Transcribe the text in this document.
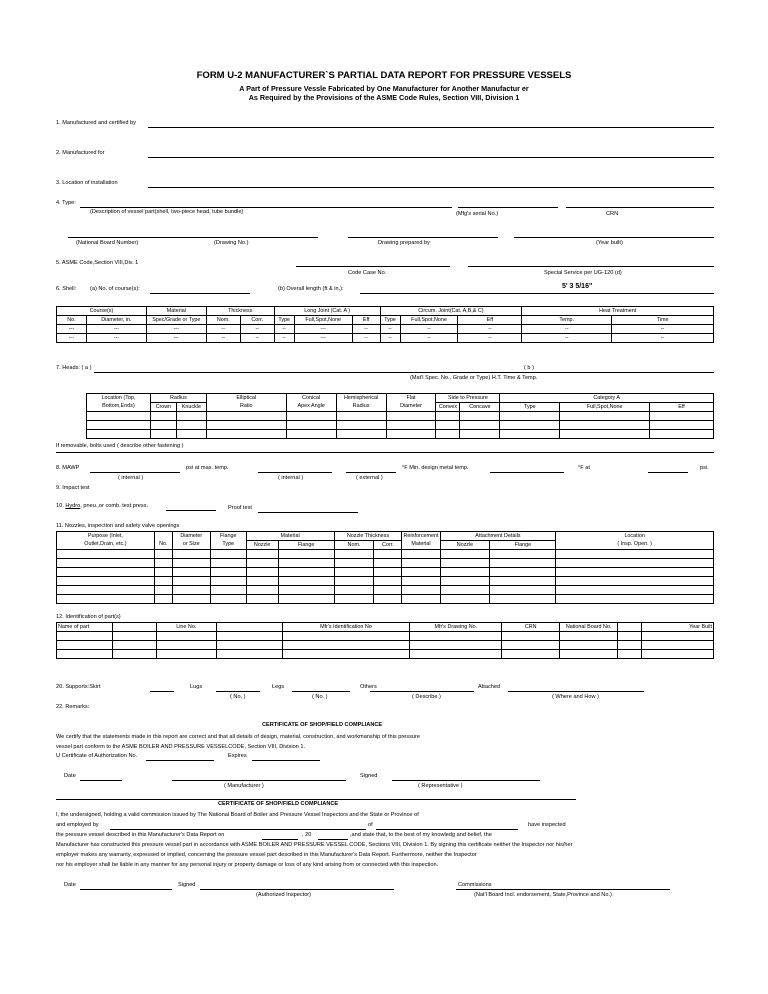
FORM U-2 MANUFACTURER`S PARTIAL DATA REPORT FOR PRESSURE VESSELS
A Part of Pressure Vessle Fabricated by One Manufacturer for Another Manufactur er
As Required by the Provisions of the ASME Code Rules, Section VIII, Division 1
1. Manufactured and certified by
2. Manufactured for
3. Location of installation
4. Type:
(Description of vessel part(shell, two-piece head, tube bundle)	(Mfg's serial No.)	CRN
(National Board Number)	(Drawing No.)	Drawing prepared by	(Year built)
5. ASME Code,Section VIII,Div. 1
Code Case No.	Special Service per UG-120 (d)
6. Shell: (a) No. of course(s):	(b) Overall length (ft & in.):	5' 3 5/16"
Course(s)		Material	Thickness		Long Joint (Cat. A )			Circum. Joint(Cat. A,B,& C)			Heat Treatment	
No.	Diameter, in.	Spec/Grade or Type	Nom.	Corr.	Type	Full,Spot,None	Eff	Type	Full,Spot,None	Eff	Temp.	Time
---	---	---	--	--	--	---	--	--	--	--	--	--
---	---	---	--	--	--	---	--	--	--	--	--	--
7. Heads: ( a )	( b )
(Mat'l Spec. No., Grade or Type) H.T. Time & Temp.
Location (Top,	Radius		Elliptical	Conical	Hemispherical	Flat	Side to Pressure		Category A		
Bottom,Ends)	Crown	Knuckle	Ratio	Apex Angle	Radius	Diameter	Convex	Concave	Type	Full,Spot,None	Eff

If removable, bolts used ( describe other fastening )
8. MAWP	psi at max. temp.	°F Min. design metal temp.	°F at	psi.
( internal )	( internal )	( external )
9. Impact test
10. Hydro, pneu.,or comb. test press.	Proof test
11. Nozzles, inspection and safety valve openings
Purpose (Inlet,		Diameter	Flange	Material		Nozzle Thickness		Reinforcement	Attachment Details		Location
Outlet,Drain, etc.)	No.	or Size	Type	Nozzle	Flange	Nom.	Corr.	Material	Nozzle	Flange	( Insp. Open. )

12. Identification of part(s)
Name of part		Line No.		Mfr's Identification No	Mfr's Drawing No.	CRN	National Board No.		Year Built

20. Supports:Skirt	Lugs	Legs	Others	Attached
( No. )	( No. )	( Describe )	( Where and How )
22. Remarks:
CERTIFICATE OF SHOP/FIELD COMPLIANCE
We certify that the statements made in this report are correct and that all details of design, material, construction, and workmanship of this pressure
vessel part conform to the ASME BOILER AND PRESSURE VESSELCODE, Section VIII, Division 1.
U Certificate of Authorization No.	Expires
Date	Signed
( Manufacturer )	( Representative )
CERTIFICATE OF SHOP/FIELD COMPLIANCE
I, the undersigned, holding a valid commission issued by The National Board of Boiler and Pressure Vessel Inspectors and the State or Province of
and employed by	of	have inspected
the pressure vessel described in this Manufacturer's Data Report on	, 20	,and state that, to the best of my knowledg and belief, the
Manufacturer has constructed this pressure vessel part in accordance with ASME BOILER AND PRESSURE VESSEL CODE, Sections VIII, Division 1. By signing this certificate neither the Inspector nor his/her
employer makes any warranty, expressed or implied, concerning the pressure vessel part described in this Manufacturer's Data Report. Furthermore, neither the Inspector
nor his employer shall be liable in any manner for any personal injury or property damage or loss of any kind arising from or connected with this inspection.
Date	Signed	Commissions
(Authorized Inspector)	(Nat'l Board Incl. endorsement, State,Province and No.)
